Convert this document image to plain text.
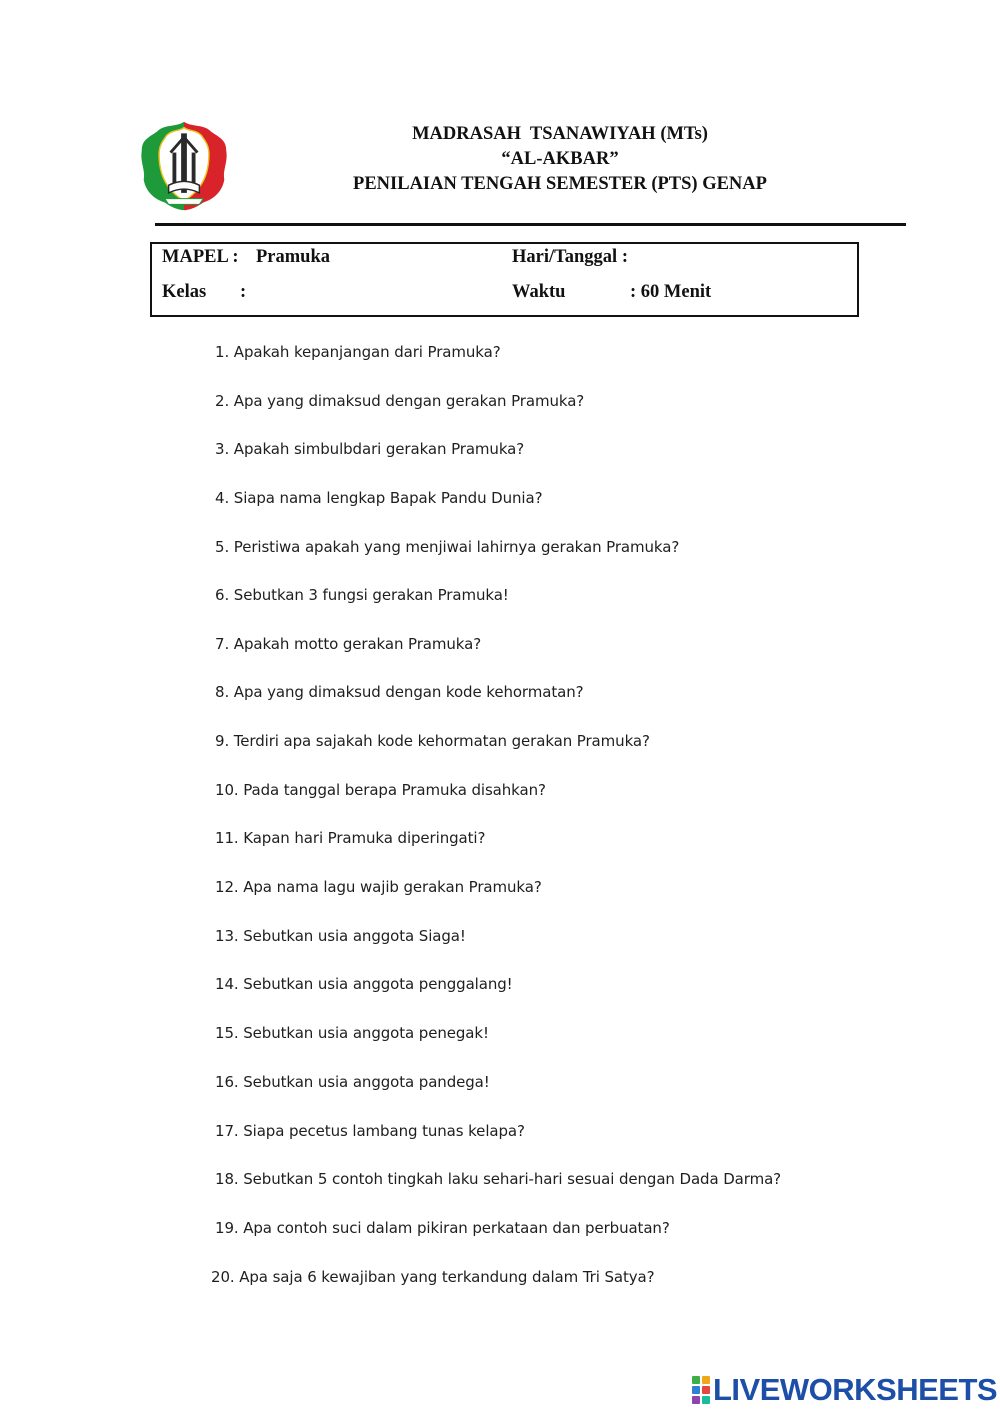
MADRASAH  TSANAWIYAH (MTs)
“AL-AKBAR”
PENILAIAN TENGAH SEMESTER (PTS) GENAP
MAPEL : Pramuka	Hari/Tanggal :
Kelas :	Waktu	: 60 Menit
1. Apakah kepanjangan dari Pramuka?
2. Apa yang dimaksud dengan gerakan Pramuka?
3. Apakah simbulbdari gerakan Pramuka?
4. Siapa nama lengkap Bapak Pandu Dunia?
5. Peristiwa apakah yang menjiwai lahirnya gerakan Pramuka?
6. Sebutkan 3 fungsi gerakan Pramuka!
7. Apakah motto gerakan Pramuka?
8. Apa yang dimaksud dengan kode kehormatan?
9. Terdiri apa sajakah kode kehormatan gerakan Pramuka?
10. Pada tanggal berapa Pramuka disahkan?
11. Kapan hari Pramuka diperingati?
12. Apa nama lagu wajib gerakan Pramuka?
13. Sebutkan usia anggota Siaga!
14. Sebutkan usia anggota penggalang!
15. Sebutkan usia anggota penegak!
16. Sebutkan usia anggota pandega!
17. Siapa pecetus lambang tunas kelapa?
18. Sebutkan 5 contoh tingkah laku sehari-hari sesuai dengan Dada Darma?
19. Apa contoh suci dalam pikiran perkataan dan perbuatan?
20. Apa saja 6 kewajiban yang terkandung dalam Tri Satya?
LIVEWORKSHEETS
